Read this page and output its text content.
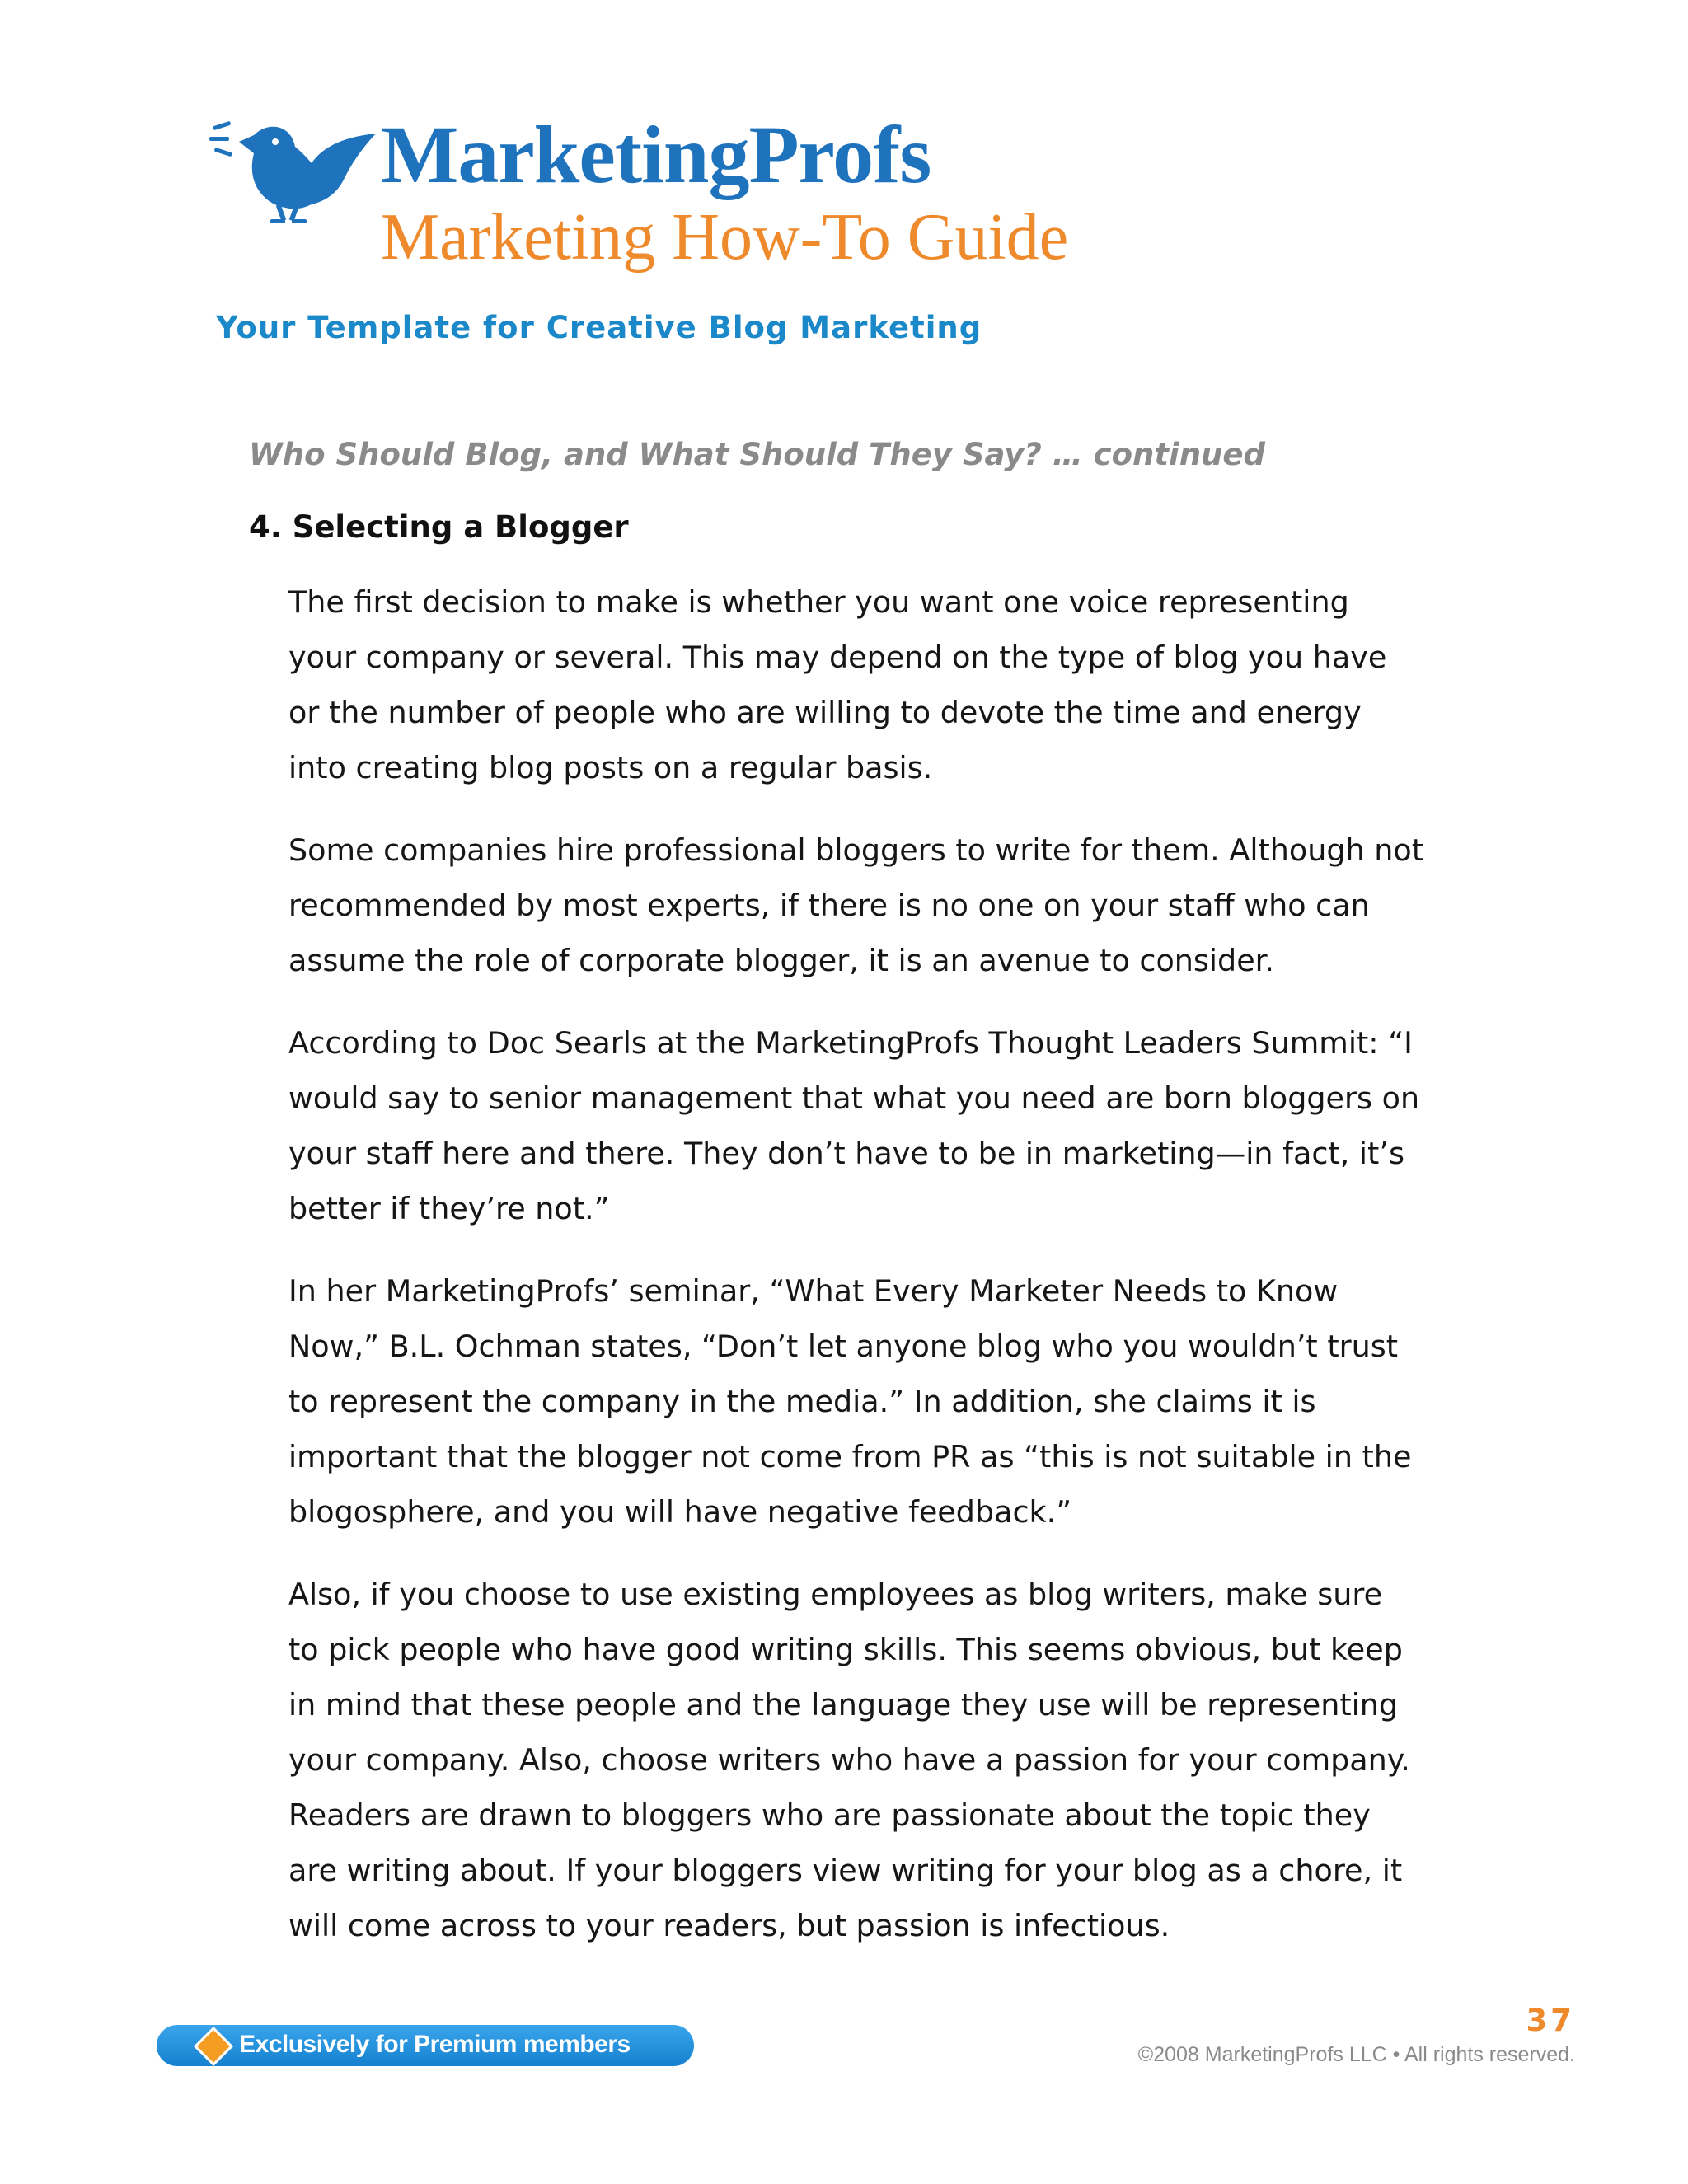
MarketingProfs
Marketing How-To Guide
Your Template for Creative Blog Marketing
Who Should Blog, and What Should They Say? … continued
4. Selecting a Blogger

The first decision to make is whether you want one voice representing
your company or several. This may depend on the type of blog you have
or the number of people who are willing to devote the time and energy
into creating blog posts on a regular basis.

Some companies hire professional bloggers to write for them. Although not
recommended by most experts, if there is no one on your staff who can
assume the role of corporate blogger, it is an avenue to consider.

According to Doc Searls at the MarketingProfs Thought Leaders Summit: “I
would say to senior management that what you need are born bloggers on
your staff here and there. They don’t have to be in marketing—in fact, it’s
better if they’re not.”

In her MarketingProfs’ seminar, “What Every Marketer Needs to Know
Now,” B.L. Ochman states, “Don’t let anyone blog who you wouldn’t trust
to represent the company in the media.” In addition, she claims it is
important that the blogger not come from PR as “this is not suitable in the
blogosphere, and you will have negative feedback.”

Also, if you choose to use existing employees as blog writers, make sure
to pick people who have good writing skills. This seems obvious, but keep
in mind that these people and the language they use will be representing
your company. Also, choose writers who have a passion for your company.
Readers are drawn to bloggers who are passionate about the topic they
are writing about. If your bloggers view writing for your blog as a chore, it
will come across to your readers, but passion is infectious.

Exclusively for Premium members
37
©2008 MarketingProfs LLC • All rights reserved.
